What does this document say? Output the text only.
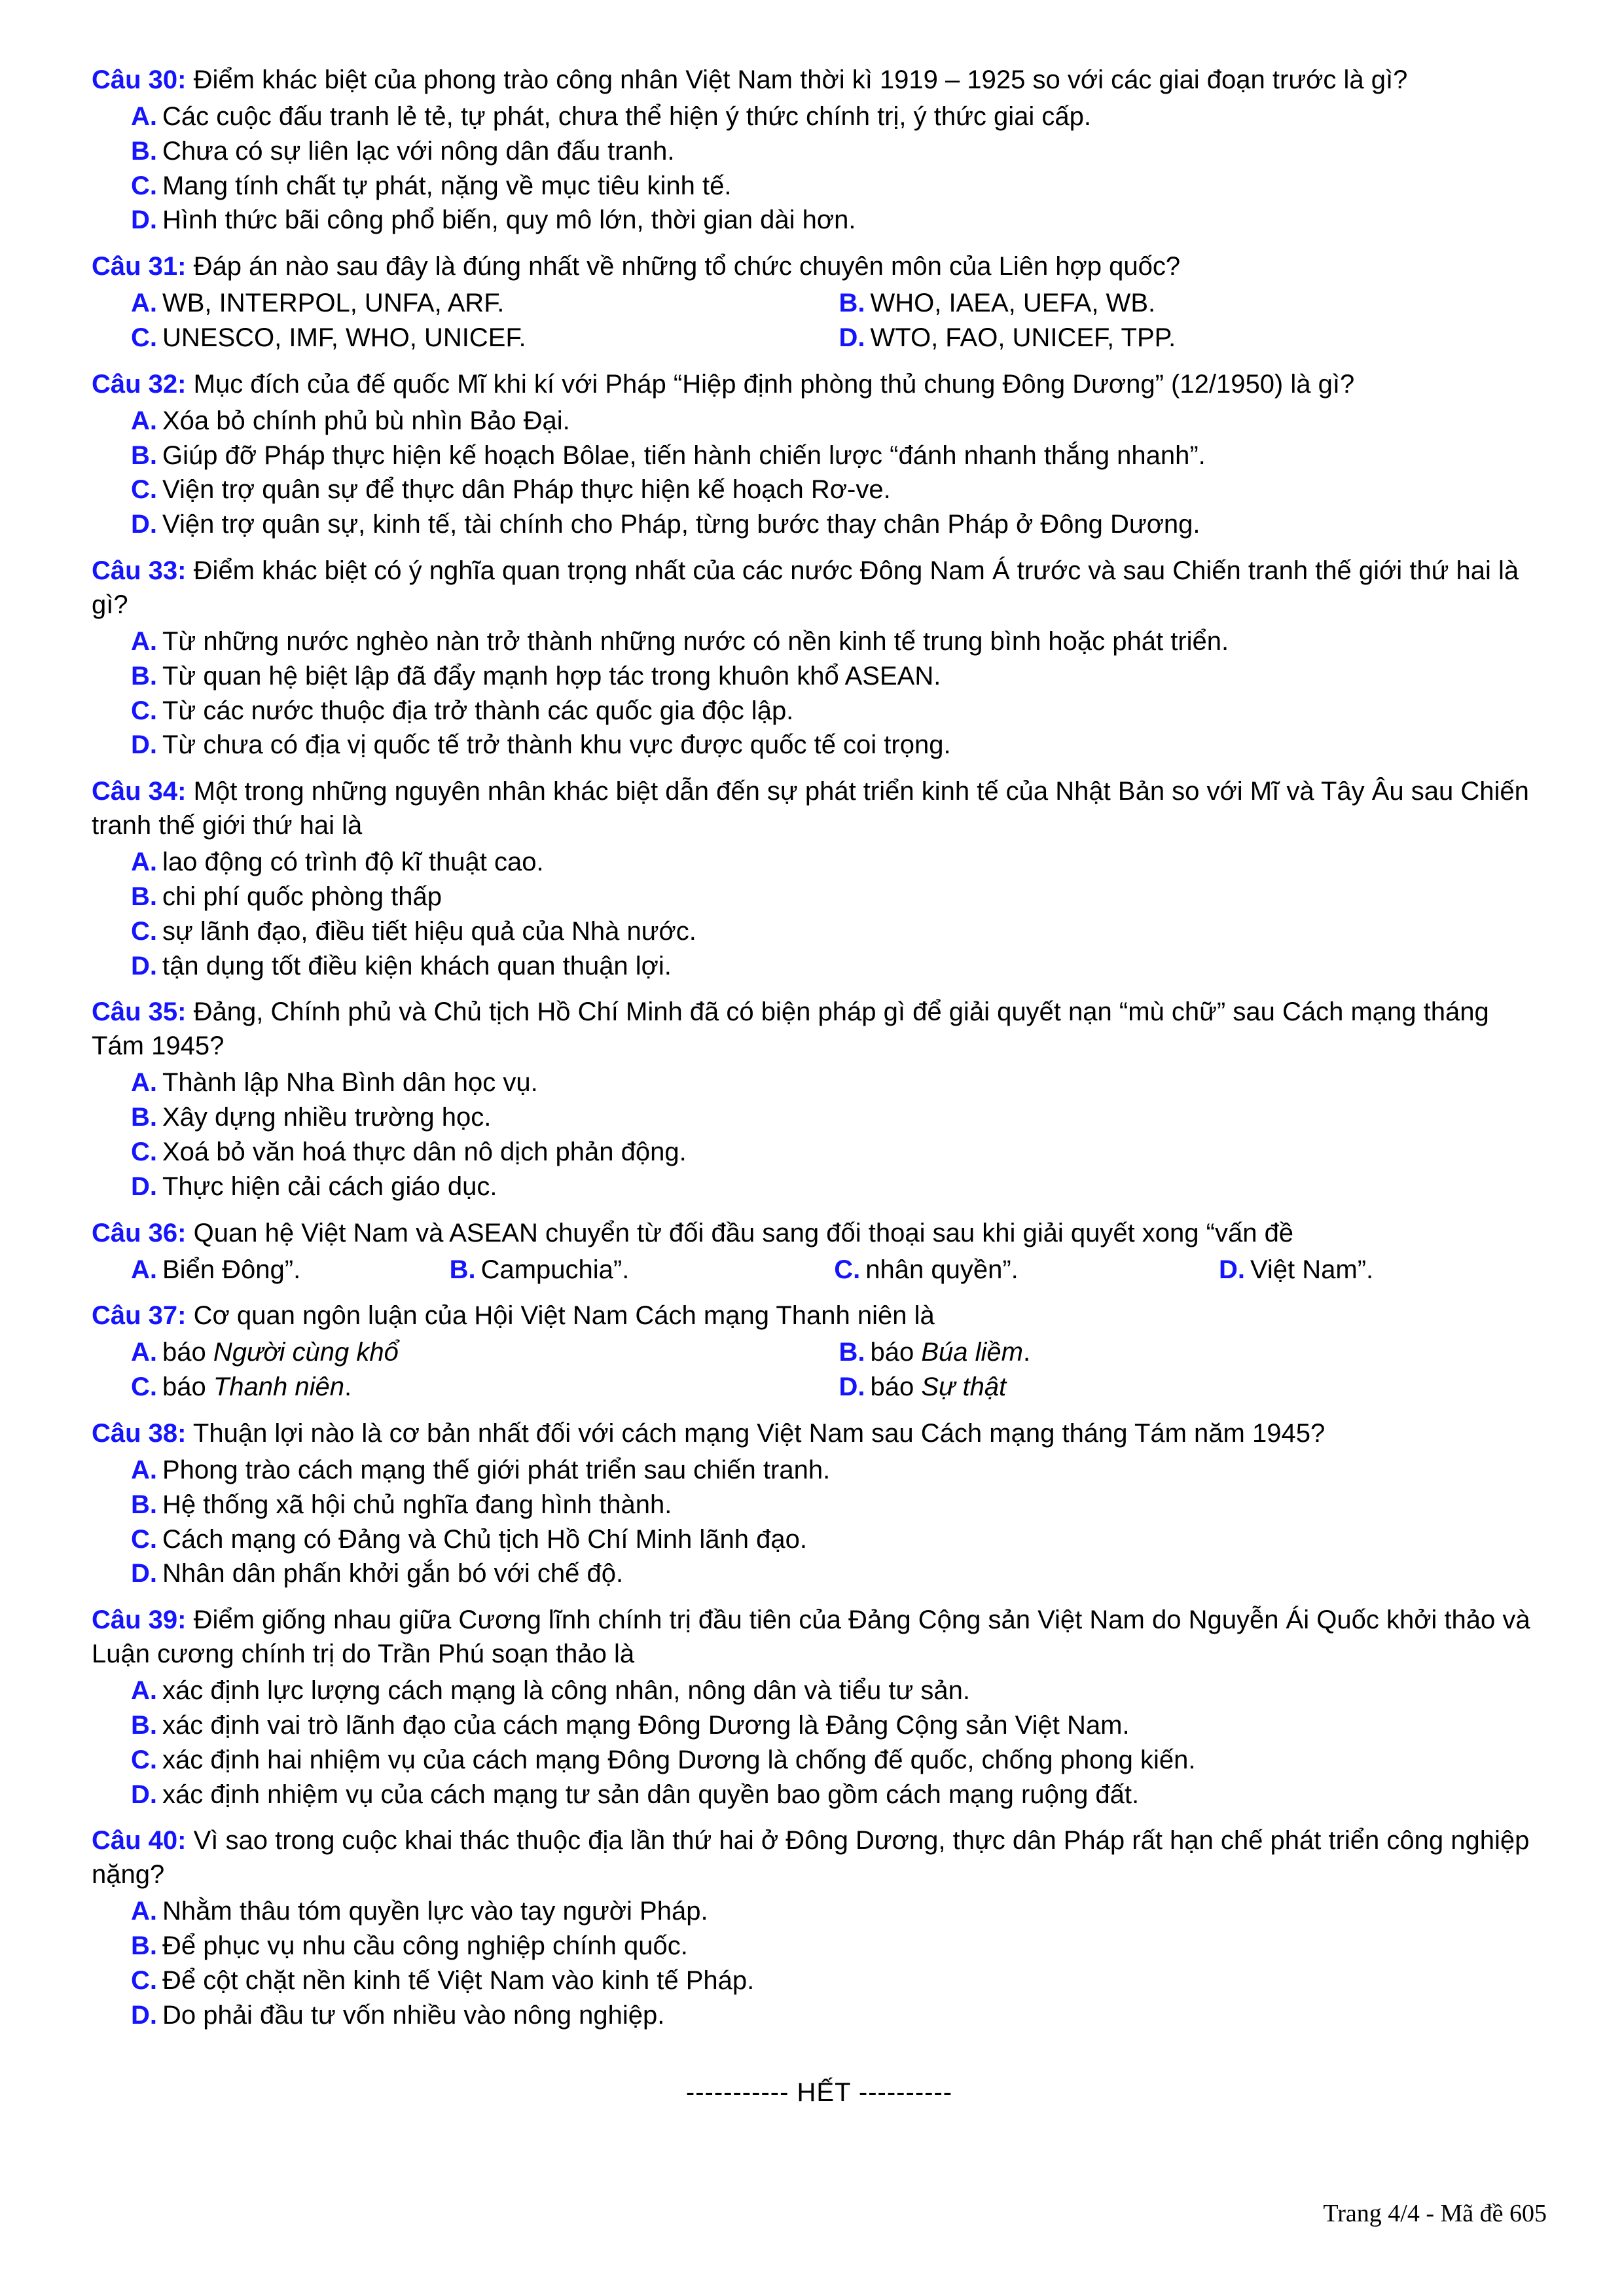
Câu 30: Điểm khác biệt của phong trào công nhân Việt Nam thời kì 1919 – 1925 so với các giai đoạn trước là gì?
A. Các cuộc đấu tranh lẻ tẻ, tự phát, chưa thể hiện ý thức chính trị, ý thức giai cấp.
B. Chưa có sự liên lạc với nông dân đấu tranh.
C. Mang tính chất tự phát, nặng về mục tiêu kinh tế.
D. Hình thức bãi công phổ biến, quy mô lớn, thời gian dài hơn.
Câu 31: Đáp án nào sau đây là đúng nhất về những tổ chức chuyên môn của Liên hợp quốc?
A. WB, INTERPOL, UNFA, ARF.	B. WHO, IAEA, UEFA, WB.
C. UNESCO, IMF, WHO, UNICEF.	D. WTO, FAO, UNICEF, TPP.
Câu 32: Mục đích của đế quốc Mĩ khi kí với Pháp “Hiệp định phòng thủ chung Đông Dương” (12/1950) là gì?
A. Xóa bỏ chính phủ bù nhìn Bảo Đại.
B. Giúp đỡ Pháp thực hiện kế hoạch Bôlae, tiến hành chiến lược “đánh nhanh thắng nhanh”.
C. Viện trợ quân sự để thực dân Pháp thực hiện kế hoạch Rơ-ve.
D. Viện trợ quân sự, kinh tế, tài chính cho Pháp, từng bước thay chân Pháp ở Đông Dương.
Câu 33: Điểm khác biệt có ý nghĩa quan trọng nhất của các nước Đông Nam Á trước và sau Chiến tranh thế giới thứ hai là gì?
A. Từ những nước nghèo nàn trở thành những nước có nền kinh tế trung bình hoặc phát triển.
B. Từ quan hệ biệt lập đã đẩy mạnh hợp tác trong khuôn khổ ASEAN.
C. Từ các nước thuộc địa trở thành các quốc gia độc lập.
D. Từ chưa có địa vị quốc tế trở thành khu vực được quốc tế coi trọng.
Câu 34: Một trong những nguyên nhân khác biệt dẫn đến sự phát triển kinh tế của Nhật Bản so với Mĩ và Tây Âu sau Chiến tranh thế giới thứ hai là
A. lao động có trình độ kĩ thuật cao.
B. chi phí quốc phòng thấp
C. sự lãnh đạo, điều tiết hiệu quả của Nhà nước.
D. tận dụng tốt điều kiện khách quan thuận lợi.
Câu 35: Đảng, Chính phủ và Chủ tịch Hồ Chí Minh đã có biện pháp gì để giải quyết nạn “mù chữ” sau Cách mạng tháng Tám 1945?
A. Thành lập Nha Bình dân học vụ.
B. Xây dựng nhiều trường học.
C. Xoá bỏ văn hoá thực dân nô dịch phản động.
D. Thực hiện cải cách giáo dục.
Câu 36: Quan hệ Việt Nam và ASEAN chuyển từ đối đầu sang đối thoại sau khi giải quyết xong “vấn đề
A. Biển Đông”.	B. Campuchia”.	C. nhân quyền”.	D. Việt Nam”.
Câu 37: Cơ quan ngôn luận của Hội Việt Nam Cách mạng Thanh niên là
A. báo Người cùng khổ	B. báo Búa liềm.
C. báo Thanh niên.	D. báo Sự thật
Câu 38: Thuận lợi nào là cơ bản nhất đối với cách mạng Việt Nam sau Cách mạng tháng Tám năm 1945?
A. Phong trào cách mạng thế giới phát triển sau chiến tranh.
B. Hệ thống xã hội chủ nghĩa đang hình thành.
C. Cách mạng có Đảng và Chủ tịch Hồ Chí Minh lãnh đạo.
D. Nhân dân phấn khởi gắn bó với chế độ.
Câu 39: Điểm giống nhau giữa Cương lĩnh chính trị đầu tiên của Đảng Cộng sản Việt Nam do Nguyễn Ái Quốc khởi thảo và Luận cương chính trị do Trần Phú soạn thảo là
A. xác định lực lượng cách mạng là công nhân, nông dân và tiểu tư sản.
B. xác định vai trò lãnh đạo của cách mạng Đông Dương là Đảng Cộng sản Việt Nam.
C. xác định hai nhiệm vụ của cách mạng Đông Dương là chống đế quốc, chống phong kiến.
D. xác định nhiệm vụ của cách mạng tư sản dân quyền bao gồm cách mạng ruộng đất.
Câu 40: Vì sao trong cuộc khai thác thuộc địa lần thứ hai ở Đông Dương, thực dân Pháp rất hạn chế phát triển công nghiệp nặng?
A. Nhằm thâu tóm quyền lực vào tay người Pháp.
B. Để phục vụ nhu cầu công nghiệp chính quốc.
C. Để cột chặt nền kinh tế Việt Nam vào kinh tế Pháp.
D. Do phải đầu tư vốn nhiều vào nông nghiệp.
----------- HẾT ----------
Trang 4/4 - Mã đề 605
